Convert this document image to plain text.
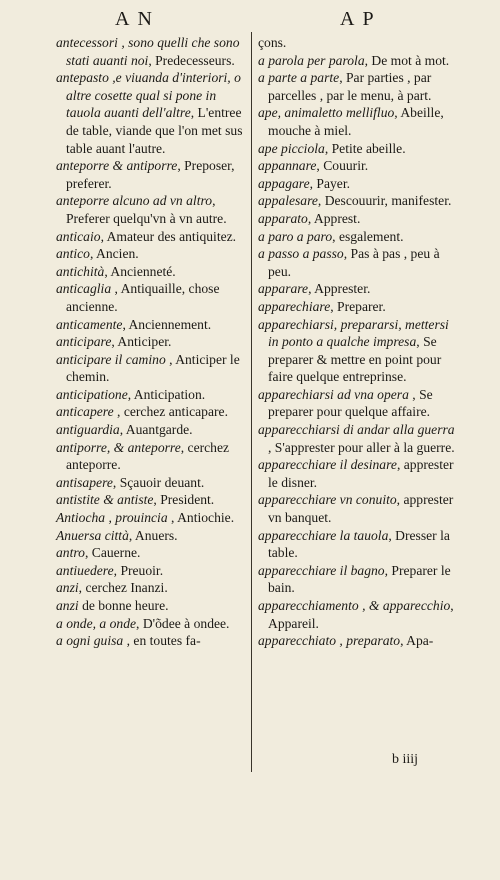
AN	AP

antecessori , sono quelli che sono stati auanti noi, Predecesseurs.

antepasto ,e viuanda d'interiori, o altre cosette qual si pone in tauola auanti dell'altre, L'entree de table, viande que l'on met sus table auant l'autre.

anteporre & antiporre, Preposer, preferer.

anteporre alcuno ad vn altro, Preferer quelqu'vn à vn autre.

anticaio, Amateur des antiquitez.

antico, Ancien.

antichità, Ancienneté.

anticaglia , Antiquaille, chose ancienne.

anticamente, Anciennement.

anticipare, Anticiper.

anticipare il camino , Anticiper le chemin.

anticipatione, Anticipation.

anticapere , cerchez anticapare.

antiguardia, Auantgarde.

antiporre, & anteporre, cerchez anteporre.

antisapere, Sçauoir deuant.

antistite & antiste, President.

Antiocha , prouincia , Antiochie.

Anuersa città, Anuers.

antro, Cauerne.

antiuedere, Preuoir.

anzi, cerchez Inanzi.

anzi de bonne heure.

a onde, a onde, D'õdee à ondee.

a ogni guisa , en toutes fa-

çons.

a parola per parola, De mot à mot.

a parte a parte, Par parties , par parcelles , par le menu, à part.

ape, animaletto mellifluo, Abeille, mouche à miel.

ape picciola, Petite abeille.

appannare, Couurir.

appagare, Payer.

appalesare, Descouurir, manifester.

apparato, Apprest.

a paro a paro, esgalement.

a passo a passo, Pas à pas , peu à peu.

apparare, Apprester.

apparechiare, Preparer.

apparechiarsi, prepararsi, mettersi in ponto a qualche impresa, Se preparer & mettre en point pour faire quelque entreprinse.

apparechiarsi ad vna opera , Se preparer pour quelque affaire.

apparecchiarsi di andar alla guerra , S'apprester pour aller à la guerre.

apparecchiare il desinare, apprester le disner.

apparecchiare vn conuito, apprester vn banquet.

apparecchiare la tauola, Dresser la table.

apparecchiare il bagno, Preparer le bain.

apparecchiamento , & apparecchio, Appareil.

apparecchiato , preparato, Apa-

b iiij
